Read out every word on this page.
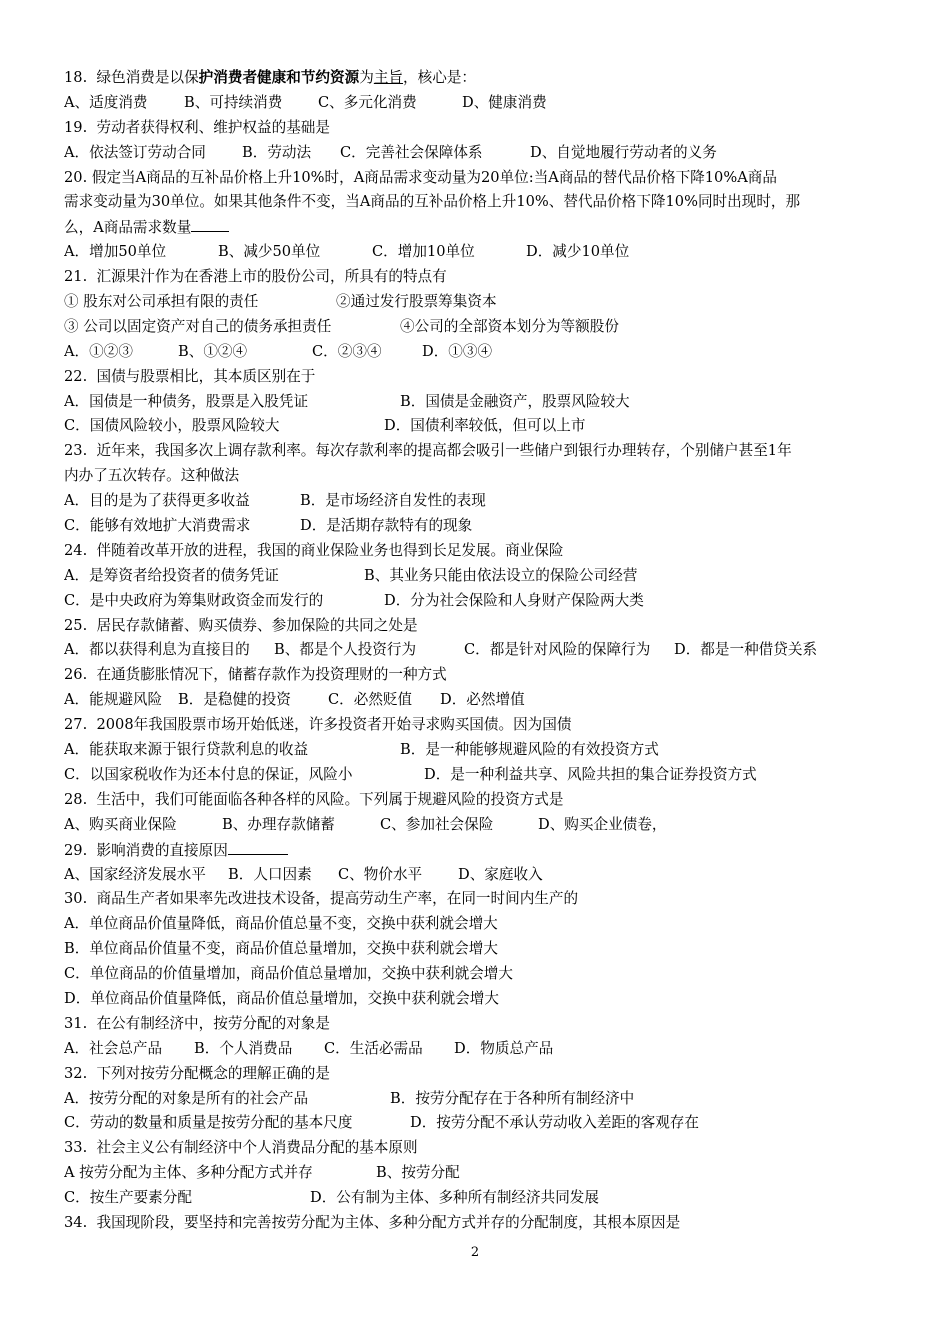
18. 绿色消费是以保护消费者健康和节约资源为主旨，核心是：
A、适度消费 B、可持续消费 C、多元化消费	D、健康消费
19.  劳动者获得权利、维护权益的基础是
A．依法签订劳动合同 B．劳动法 C．完善社会保障体系	D、自觉地履行劳动者的义务
20. 假定当A商品的互补品价格上升10%时，A商品需求变动量为20单位:当A商品的替代品价格下降10%A商品
需求变动量为30单位。如果其他条件不变，当A商品的互补品价格上升10%、替代品价格下降10%同时出现时，那
么，A商品需求数量
A．增加50单位	B、减少50单位	C．增加10单位	D．减少10单位
21.  汇源果汁作为在香港上市的股份公司，所具有的特点有
① 股东对公司承担有限的责任	②通过发行股票筹集资本
③ 公司以固定资产对自己的债务承担责任	④公司的全部资本划分为等额股份
A．①②③	B、①②④	C．②③④	D．①③④
22.  国债与股票相比，其本质区别在于
A．国债是一种债务，股票是入股凭证	B．国债是金融资产，股票风险较大
C．国债风险较小，股票风险较大	D．国债利率较低，但可以上市
23.  近年来，我国多次上调存款利率。每次存款利率的提高都会吸引一些储户到银行办理转存，个别储户甚至1年
内办了五次转存。这种做法
A．目的是为了获得更多收益	B．是市场经济自发性的表现
C．能够有效地扩大消费需求	D．是活期存款特有的现象
24.  伴随着改革开放的进程，我国的商业保险业务也得到长足发展。商业保险
A．是筹资者给投资者的债务凭证	B、其业务只能由依法设立的保险公司经营
C．是中央政府为筹集财政资金而发行的	D．分为社会保险和人身财产保险两大类
25.  居民存款储蓄、购买债券、参加保险的共同之处是
A．都以获得利息为直接目的 B、都是个人投资行为	C．都是针对风险的保障行为 D．都是一种借贷关系
26.  在通货膨胀情况下，储蓄存款作为投资理财的一种方式
A．能规避风险 B．是稳健的投资	C．必然贬值 D．必然增值
27.  2008年我国股票市场开始低迷，许多投资者开始寻求购买国债。因为国债
A．能获取来源于银行贷款利息的收益	B．是一种能够规避风险的有效投资方式
C．以国家税收作为还本付息的保证，风险小	D．是一种利益共享、风险共担的集合证券投资方式
28.  生活中，我们可能面临各种各样的风险。下列属于规避风险的投资方式是
A、购买商业保险	B、办理存款储蓄	C、参加社会保险	D、购买企业债卷，
29.  影响消费的直接原因
A、国家经济发展水平 B．人口因素 C、物价水平 D、家庭收入
30.  商品生产者如果率先改进技术设备，提高劳动生产率，在同一时间内生产的
A．单位商品价值量降低，商品价值总量不变，交换中获利就会增大
B．单位商品价值量不变，商品价值总量增加，交换中获利就会增大
C．单位商品的价值量增加，商品价值总量增加，交换中获利就会增大
D．单位商品价值量降低，商品价值总量增加，交换中获利就会增大
31.  在公有制经济中，按劳分配的对象是
A．社会总产品 B．个人消费品 C．生活必需品 D．物质总产品
32.  下列对按劳分配概念的理解正确的是
A．按劳分配的对象是所有的社会产品	B．按劳分配存在于各种所有制经济中
C．劳动的数量和质量是按劳分配的基本尺度	D．按劳分配不承认劳动收入差距的客观存在
33.  社会主义公有制经济中个人消费品分配的基本原则
A 按劳分配为主体、多种分配方式并存	B、按劳分配
C．按生产要素分配	D．公有制为主体、多种所有制经济共同发展
34.  我国现阶段，要坚持和完善按劳分配为主体、多种分配方式并存的分配制度，其根本原因是
2
